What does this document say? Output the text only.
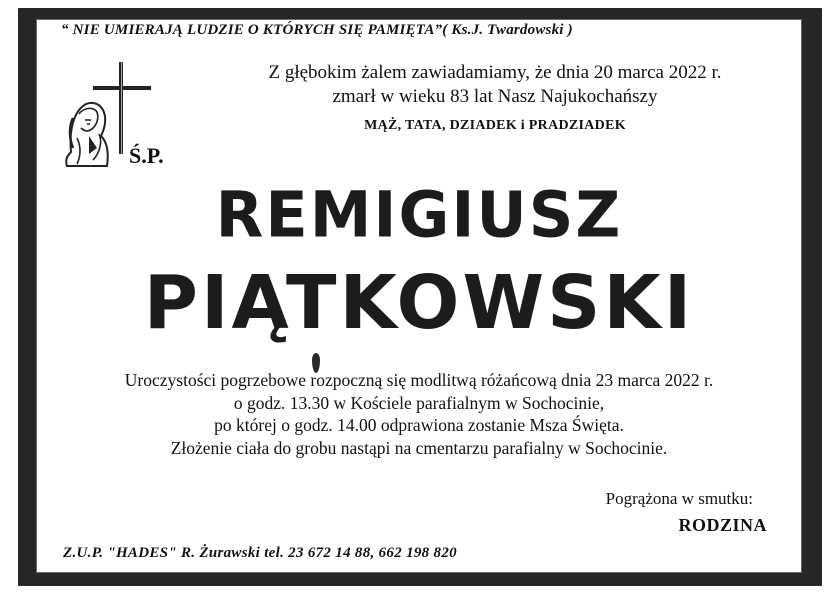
“ NIE UMIERAJĄ LUDZIE O KTÓRYCH SIĘ PAMIĘTA”( Ks.J. Twardowski )
Ś.P.
Z głębokim żalem zawiadamiamy, że dnia 20 marca 2022 r.
zmarł w wieku 83 lat Nasz Najukochańszy
MĄŻ, TATA, DZIADEK i PRADZIADEK
REMIGIUSZ
PIĄTKOWSKI
Uroczystości pogrzebowe rozpoczną się modlitwą różańcową dnia 23 marca 2022 r.
o godz. 13.30 w Kościele parafialnym w Sochocinie,
po której o godz. 14.00 odprawiona zostanie Msza Święta.
Złożenie ciała do grobu nastąpi na cmentarzu parafialny w Sochocinie.
Pogrążona w smutku:
RODZINA
Z.U.P. "HADES" R. Żurawski tel. 23 672 14 88, 662 198 820
